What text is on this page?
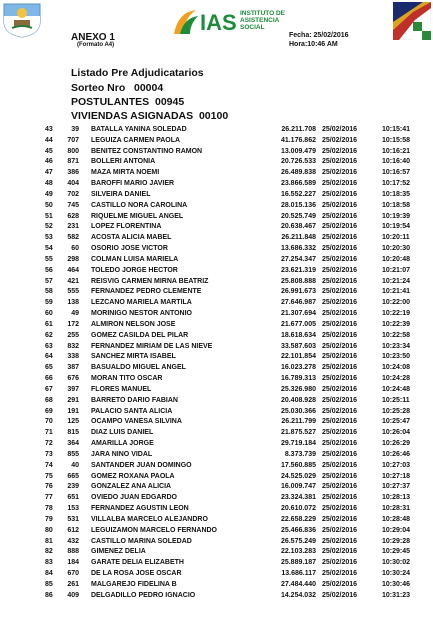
IAS INSTITUTO DE ASISTENCIA SOCIAL
ANEXO 1
(Formato A4)
Fecha: 25/02/2016
Hora:10:46 AM
Listado Pre Adjudicatarios
Sorteo Nro   00004
POSTULANTES  00945
VIVIENDAS ASIGNADAS  00100
43	39 BATALLA YANINA SOLEDAD	26.211.708 25/02/2016	10:15:41
44	707 LEGUIZA CARMEN PAOLA	41.176.862 25/02/2016	10:15:58
45	800 BENITEZ CONSTANTINO RAMON	13.009.479 25/02/2016	10:16:21
46	871 BOLLERI ANTONIA	20.726.533 25/02/2016	10:16:40
47	386 MAZA MIRTA NOEMI	26.489.838 25/02/2016	10:16:57
48	404 BAROFFI MARIO JAVIER	23.866.589 25/02/2016	10:17:52
49	702 SILVEIRA DANIEL	16.552.227 25/02/2016	10:18:35
50	745 CASTILLO NORA CAROLINA	28.015.136 25/02/2016	10:18:58
51	628 RIQUELME MIGUEL ANGEL	20.525.749 25/02/2016	10:19:39
52	231 LOPEZ FLORENTINA	20.638.467 25/02/2016	10:19:54
53	582 ACOSTA ALICIA MABEL	26.211.848 25/02/2016	10:20:11
54	60 OSORIO JOSE VICTOR	13.686.332 25/02/2016	10:20:30
55	298 COLMAN LUISA MARIELA	27.254.347 25/02/2016	10:20:48
56	464 TOLEDO JORGE HECTOR	23.621.319 25/02/2016	10:21:07
57	421 REISVIG CARMEN MIRNA BEATRIZ	25.808.888 25/02/2016	10:21:24
58	555 FERNANDEZ PEDRO CLEMENTE	26.991.673 25/02/2016	10:21:41
59	138 LEZCANO MARIELA MARTILA	27.646.987 25/02/2016	10:22:00
60	49 MORINIGO NESTOR ANTONIO	21.307.694 25/02/2016	10:22:19
61	172 ALMIRON NELSON JOSE	21.677.005 25/02/2016	10:22:39
62	255 GOMEZ CASILDA DEL PILAR	18.618.634 25/02/2016	10:22:58
63	832 FERNANDEZ MIRIAM DE LAS NIEVE	33.587.603 25/02/2016	10:23:34
64	338 SANCHEZ MIRTA ISABEL	22.101.854 25/02/2016	10:23:50
65	387 BASUALDO MIGUEL ANGEL	16.023.278 25/02/2016	10:24:08
66	676 MORAN TITO OSCAR	16.789.313 25/02/2016	10:24:28
67	397 FLORES MANUEL	25.326.980 25/02/2016	10:24:48
68	291 BARRETO DARIO FABIAN	20.408.928 25/02/2016	10:25:11
69	191 PALACIO SANTA ALICIA	25.030.366 25/02/2016	10:25:28
70	125 OCAMPO VANESA SILVINA	26.211.799 25/02/2016	10:25:47
71	815 DIAZ LUIS DANIEL	21.875.527 25/02/2016	10:26:04
72	364 AMARILLA JORGE	29.719.184 25/02/2016	10:26:29
73	855 JARA NINO VIDAL	8.373.739 25/02/2016	10:26:46
74	40 SANTANDER JUAN DOMINGO	17.560.885 25/02/2016	10:27:03
75	665 GOMEZ ROXANA PAOLA	24.525.029 25/02/2016	10:27:18
76	239 GONZALEZ ANA ALICIA	16.009.747 25/02/2016	10:27:37
77	651 OVIEDO JUAN EDGARDO	23.324.381 25/02/2016	10:28:13
78	153 FERNANDEZ AGUSTIN LEON	20.610.072 25/02/2016	10:28:31
79	531 VILLALBA MARCELO ALEJANDRO	22.658.229 25/02/2016	10:28:48
80	612 LEGUIZAMON MARCELO FERNANDO	25.466.836 25/02/2016	10:29:04
81	432 CASTILLO MARINA SOLEDAD	26.575.249 25/02/2016	10:29:28
82	888 GIMENEZ DELIA	22.103.283 25/02/2016	10:29:45
83	184 GARATE DELIA ELIZABETH	25.889.187 25/02/2016	10:30:02
84	670 DE LA ROSA JOSE OSCAR	13.686.117 25/02/2016	10:30:24
85	261 MALGAREJO FIDELINA B	27.484.440 25/02/2016	10:30:46
86	409 DELGADILLO PEDRO IGNACIO	14.254.032 25/02/2016	10:31:23
